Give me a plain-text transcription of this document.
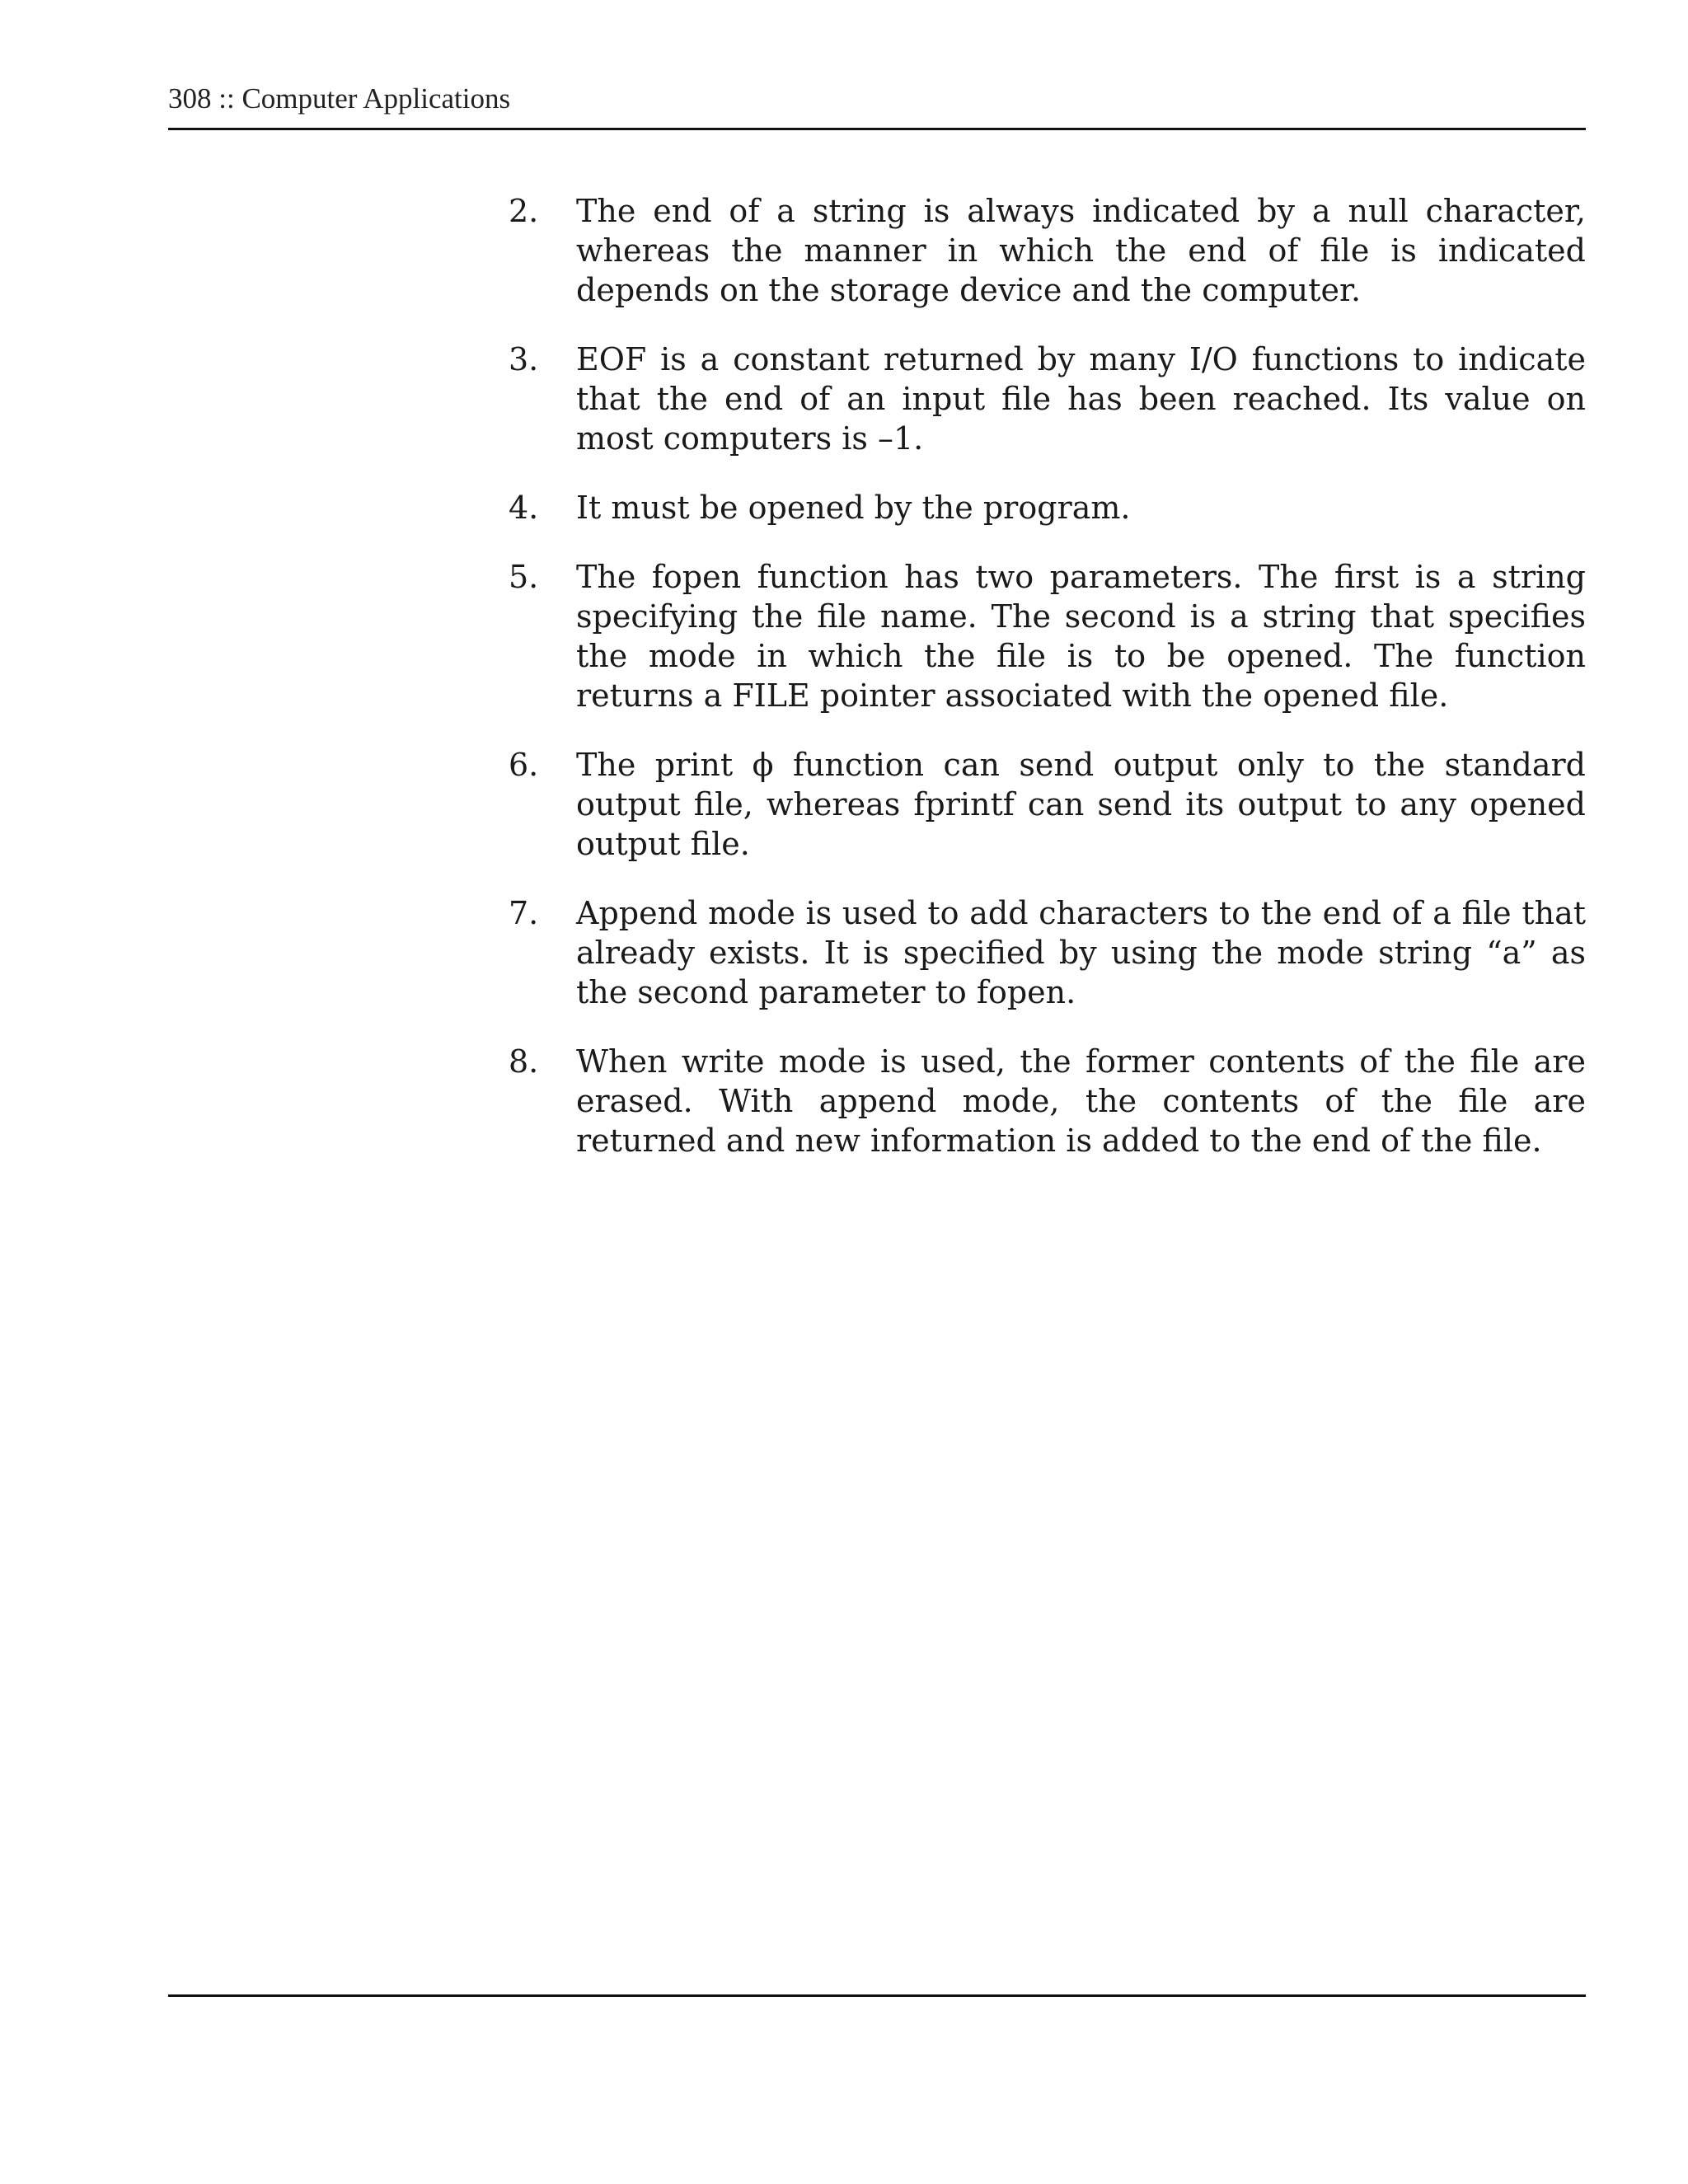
308 :: Computer Applications
2.	The end of a string is always indicated by a null character, whereas the manner in which the end of file is indicated depends on the storage device and the computer.
3.	EOF is a constant returned by many I/O functions to indicate that the end of an input file has been reached. Its value on most computers is –1.
4.	It must be opened by the program.
5.	The fopen function has two parameters. The first is a string specifying the file name. The second is a string that specifies the mode in which the file is to be opened. The function returns a FILE pointer associated with the opened file.
6.	The print ϕ function can send output only to the standard output file, whereas fprintf can send its output to any opened output file.
7.	Append mode is used to add characters to the end of a file that already exists. It is specified by using the mode string “a” as the second parameter to fopen.
8.	When write mode is used, the former contents of the file are erased. With append mode, the contents of the file are returned and new information is added to the end of the file.
